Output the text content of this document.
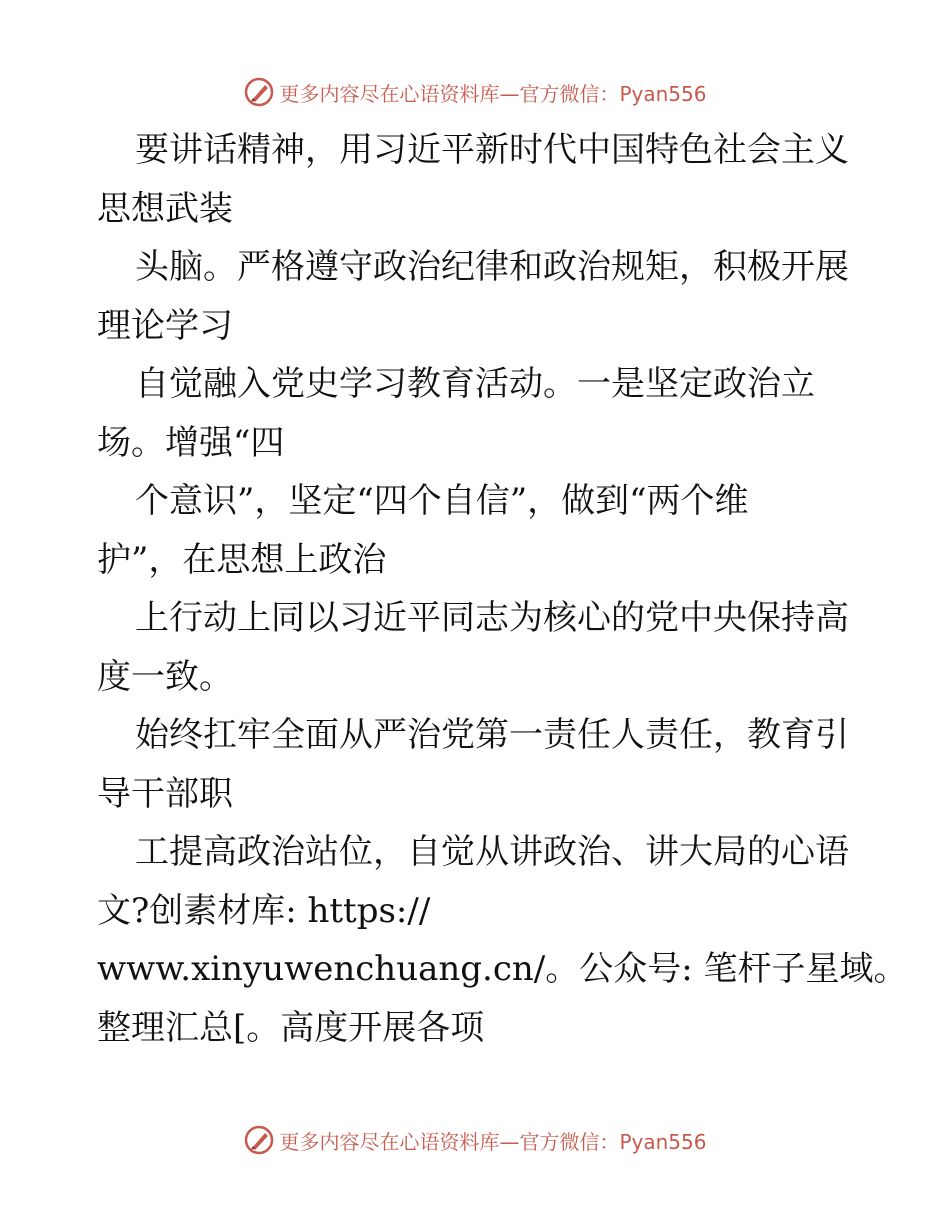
更多内容尽在心语资料库—官方微信：Pyan556
要讲话精神，用习近平新时代中国特色社会主义
思想武装
头脑。严格遵守政治纪律和政治规矩，积极开展
理论学习
自觉融入党史学习教育活动。一是坚定政治立
场。增强“四
个意识”，坚定“四个自信”，做到“两个维
护”，在思想上政治
上行动上同以习近平同志为核心的党中央保持高
度一致。
始终扛牢全面从严治党第一责任人责任，教育引
导干部职
工提高政治站位，自觉从讲政治、讲大局的心语
文?创素材库: https://
www.xinyuwenchuang.cn/。公众号: 笔杆子星域。
整理汇总[。高度开展各项
更多内容尽在心语资料库—官方微信：Pyan556
